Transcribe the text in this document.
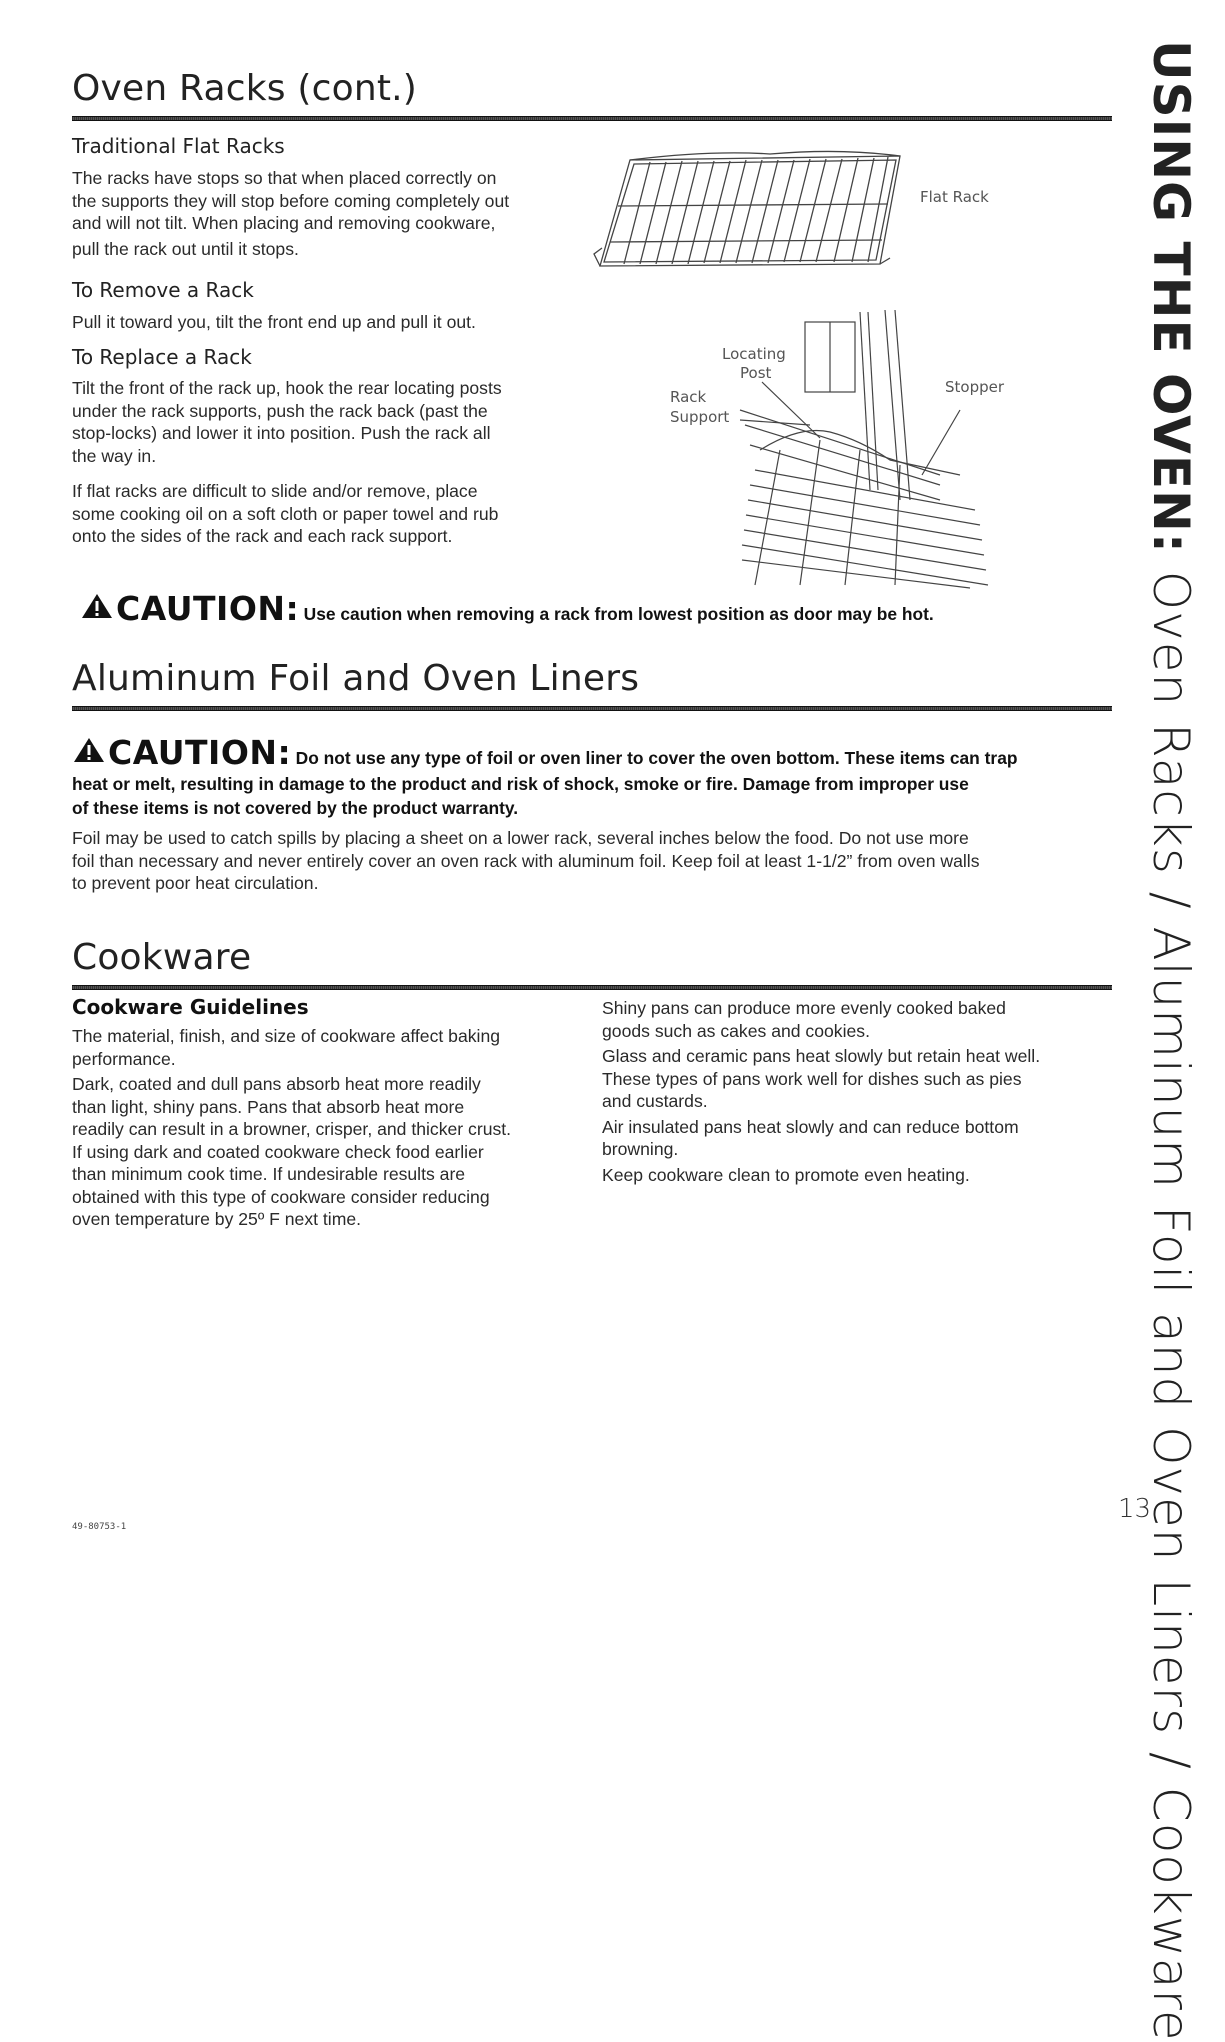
USING THE OVEN: Oven Racks / Aluminum Foil and Oven Liners / Cookware
Oven Racks (cont.)
Traditional Flat Racks

The racks have stops so that when placed correctly on

the supports they will stop before coming completely out

and will not tilt. When placing and removing cookware,

pull the rack out until it stops.

To Remove a Rack

Pull it toward you, tilt the front end up and pull it out.

To Replace a Rack

Tilt the front of the rack up, hook the rear locating posts

under the rack supports, push the rack back (past the

stop-locks) and lower it into position. Push the rack all

the way in.

If flat racks are difficult to slide and/or remove, place

some cooking oil on a soft cloth or paper towel and rub

onto the sides of the rack and each rack support.

Flat Rack
Locating
Post
Rack
Support
Stopper
CAUTION: Use caution when removing a rack from lowest position as door may be hot.
Aluminum Foil and Oven Liners
CAUTION: Do not use any type of foil or oven liner to cover the oven bottom. These items can trap
heat or melt, resulting in damage to the product and risk of shock, smoke or fire. Damage from improper use
of these items is not covered by the product warranty.

Foil may be used to catch spills by placing a sheet on a lower rack, several inches below the food. Do not use more

foil than necessary and never entirely cover an oven rack with aluminum foil. Keep foil at least 1-1/2” from oven walls

to prevent poor heat circulation.

Cookware
Cookware Guidelines

The material, finish, and size of cookware affect baking

performance.

Dark, coated and dull pans absorb heat more readily

than light, shiny pans. Pans that absorb heat more

readily can result in a browner, crisper, and thicker crust.

If using dark and coated cookware check food earlier

than minimum cook time. If undesirable results are

obtained with this type of cookware consider reducing

oven temperature by 25º F next time.

Shiny pans can produce more evenly cooked baked

goods such as cakes and cookies.

Glass and ceramic pans heat slowly but retain heat well.

These types of pans work well for dishes such as pies

and custards.

Air insulated pans heat slowly and can reduce bottom

browning.

Keep cookware clean to promote even heating.

49-80753-1
13
